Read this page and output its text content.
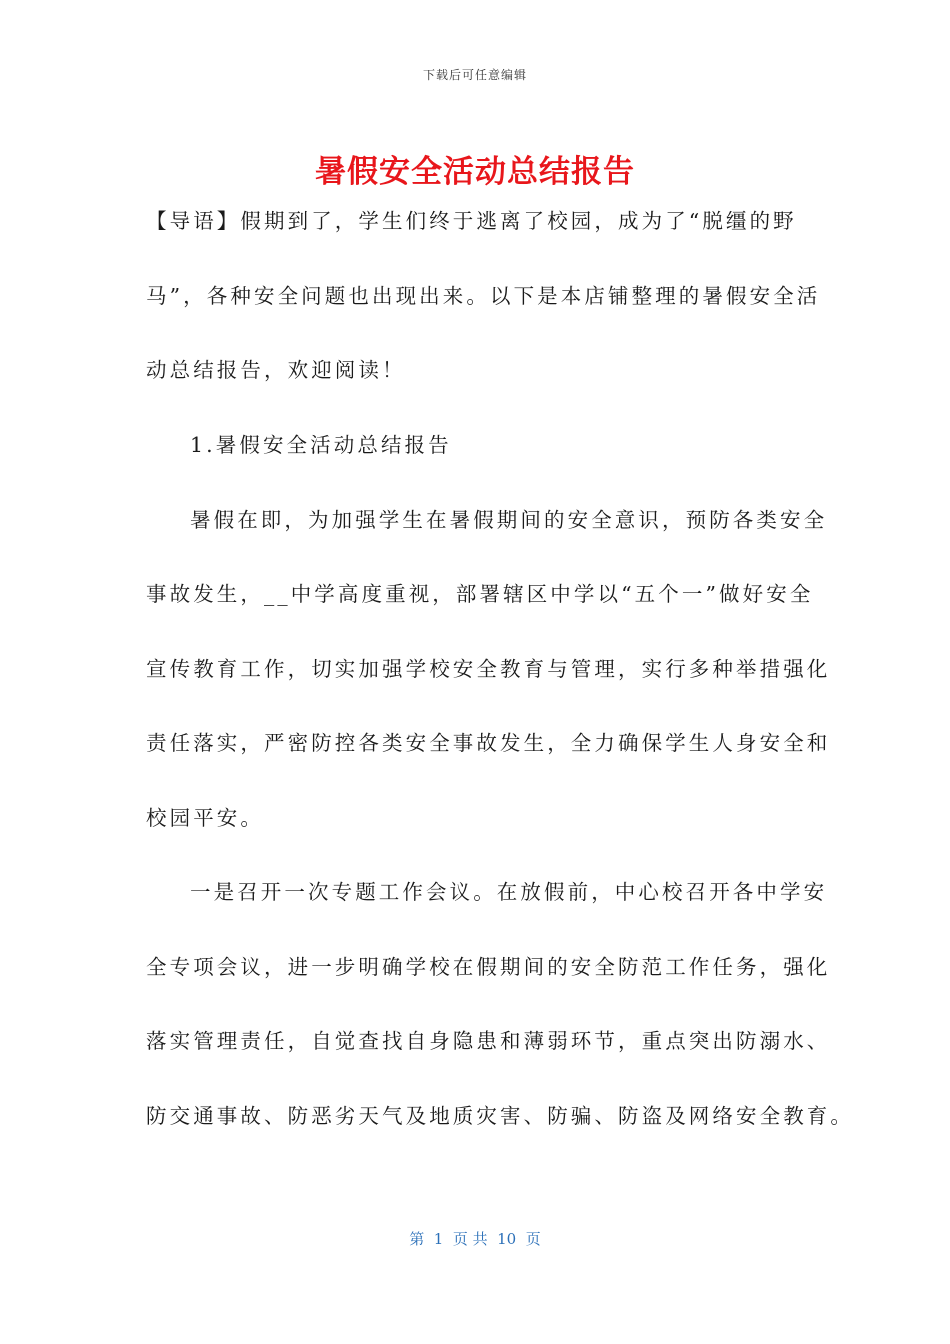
下载后可任意编辑
暑假安全活动总结报告

【导语】假期到了，学生们终于逃离了校园，成为了“脱缰的野

马”，各种安全问题也出现出来。以下是本店铺整理的暑假安全活

动总结报告，欢迎阅读！

1.暑假安全活动总结报告

暑假在即，为加强学生在暑假期间的安全意识，预防各类安全

事故发生，__中学高度重视，部署辖区中学以“五个一”做好安全

宣传教育工作，切实加强学校安全教育与管理，实行多种举措强化

责任落实，严密防控各类安全事故发生，全力确保学生人身安全和

校园平安。

一是召开一次专题工作会议。在放假前，中心校召开各中学安

全专项会议，进一步明确学校在假期间的安全防范工作任务，强化

落实管理责任，自觉查找自身隐患和薄弱环节，重点突出防溺水、

防交通事故、防恶劣天气及地质灾害、防骗、防盗及网络安全教育。

第  1  页 共  10  页
